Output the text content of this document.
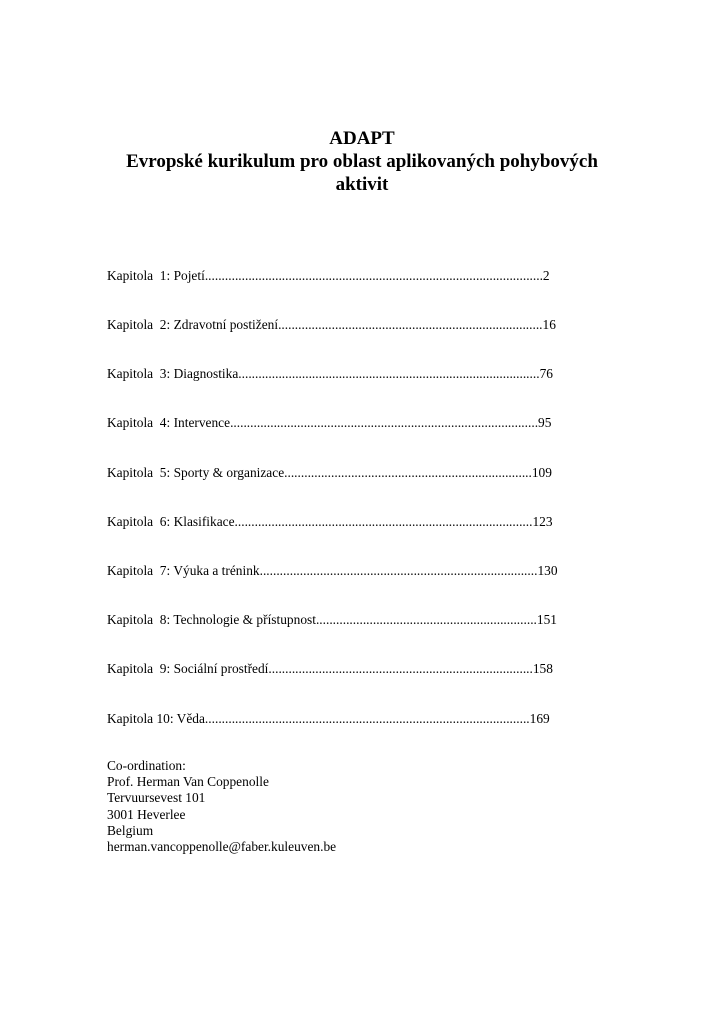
ADAPT
Evropské kurikulum pro oblast aplikovaných pohybových
aktivit

Kapitola  1: Pojetí.....................................................................................................2

Kapitola  2: Zdravotní postižení...............................................................................16

Kapitola  3: Diagnostika..........................................................................................76

Kapitola  4: Intervence............................................................................................95

Kapitola  5: Sporty & organizace..........................................................................109

Kapitola  6: Klasifikace.........................................................................................123

Kapitola  7: Výuka a trénink...................................................................................130

Kapitola  8: Technologie & přístupnost..................................................................151

Kapitola  9: Sociální prostředí...............................................................................158

Kapitola 10: Věda.................................................................................................169

Co-ordination:
Prof. Herman Van Coppenolle
Tervuursevest 101
3001 Heverlee
Belgium
herman.vancoppenolle@faber.kuleuven.be
